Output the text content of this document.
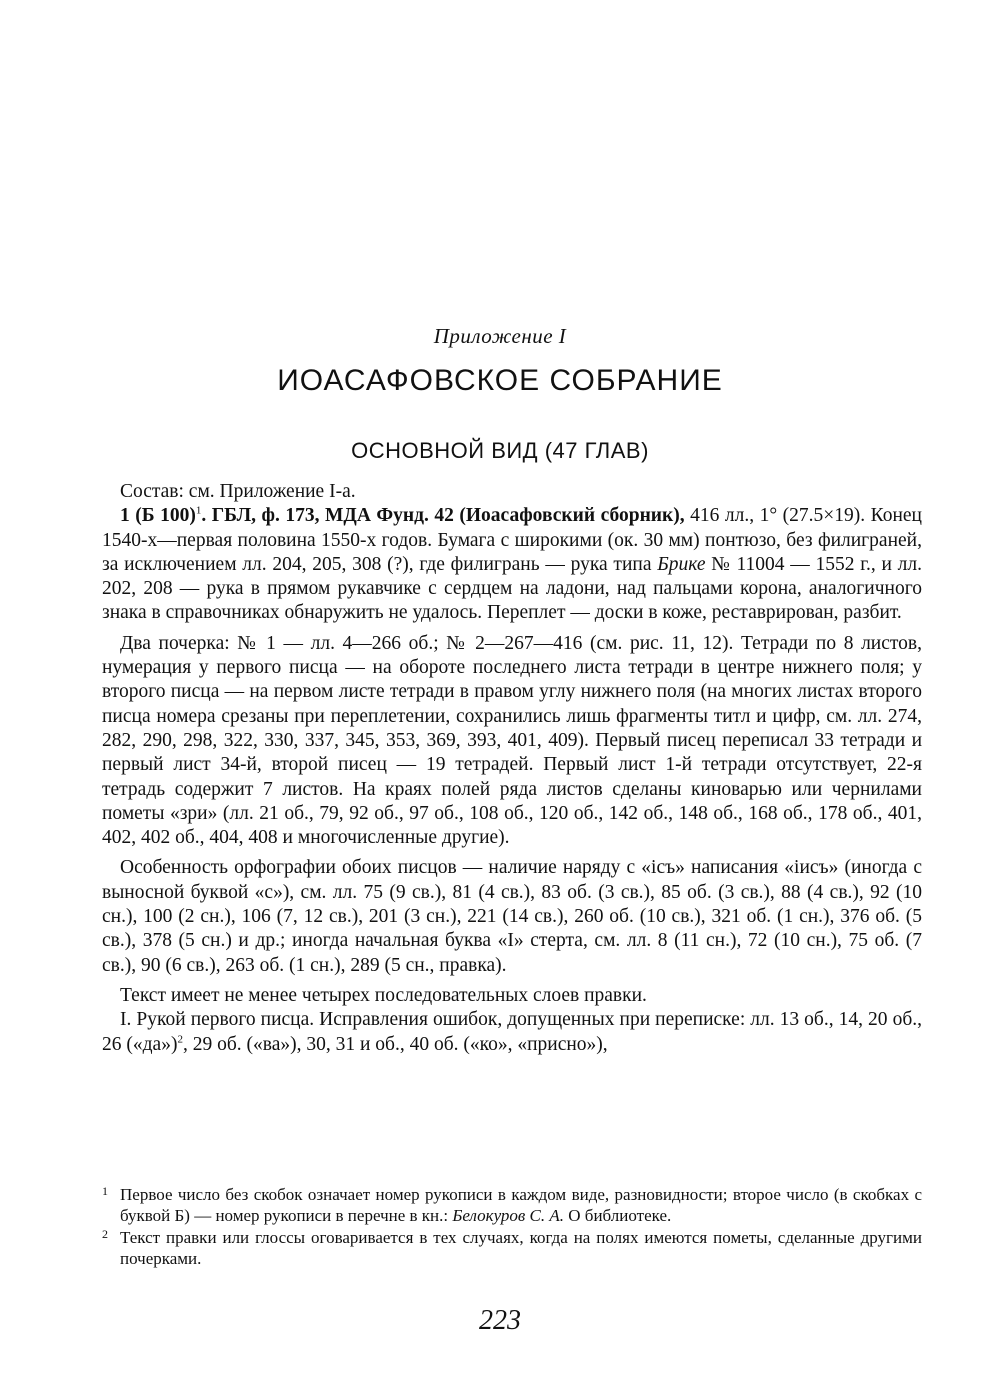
Приложение I
ИОАСАФОВСКОЕ СОБРАНИЕ
ОСНОВНОЙ ВИД (47 ГЛАВ)

Состав: см. Приложение I-а.

1 (Б 100)$^1$. ГБЛ, ф. 173, МДА Фунд. 42 (Иоасафовский сборник), 416 лл., 1° (27.5×19). Конец 1540-х—первая половина 1550-х годов. Бумага с широкими (ок. 30 мм) понтюзо, без филиграней, за исключением лл. 204, 205, 308 (?), где филигрань — рука типа Брике № 11004 — 1552 г., и лл. 202, 208 — рука в прямом рукавчике с сердцем на ладони, над пальцами корона, аналогичного знака в справочниках обнаружить не удалось. Переплет — доски в коже, реставрирован, разбит.

Два почерка: № 1 — лл. 4—266 об.; № 2—267—416 (см. рис. 11, 12). Тетради по 8 листов, нумерация у первого писца — на обороте последнего листа тетради в центре нижнего поля; у второго писца — на первом листе тетради в правом углу нижнего поля (на многих листах второго писца номера срезаны при переплетении, сохранились лишь фрагменты титл и цифр, см. лл. 274, 282, 290, 298, 322, 330, 337, 345, 353, 369, 393, 401, 409). Первый писец переписал 33 тетради и первый лист 34-й, второй писец — 19 тетрадей. Первый лист 1-й тетради отсутствует, 22-я тетрадь содержит 7 листов. На краях полей ряда листов сделаны киноварью или чернилами пометы «зри» (лл. 21 об., 79, 92 об., 97 об., 108 об., 120 об., 142 об., 148 об., 168 об., 178 об., 401, 402, 402 об., 404, 408 и многочисленные другие).

Особенность орфографии обоих писцов — наличие наряду с «iсъ» написания «iисъ» (иногда с выносной буквой «с»), см. лл. 75 (9 св.), 81 (4 св.), 83 об. (3 св.), 85 об. (3 св.), 88 (4 св.), 92 (10 сн.), 100 (2 сн.), 106 (7, 12 св.), 201 (3 сн.), 221 (14 св.), 260 об. (10 св.), 321 об. (1 сн.), 376 об. (5 св.), 378 (5 сн.) и др.; иногда начальная буква «I» стерта, см. лл. 8 (11 сн.), 72 (10 сн.), 75 об. (7 св.), 90 (6 св.), 263 об. (1 сн.), 289 (5 сн., правка).

Текст имеет не менее четырех последовательных слоев правки.

I. Рукой первого писца. Исправления ошибок, допущенных при переписке: лл. 13 об., 14, 20 об., 26 («да»)$^2$, 29 об. («ва»), 30, 31 и об., 40 об. («ко», «присно»),

1 Первое число без скобок означает номер рукописи в каждом виде, разновидности; второе число (в скобках с буквой Б) — номер рукописи в перечне в кн.: Белокуров С. А. О библиотеке.

2 Текст правки или глоссы оговаривается в тех случаях, когда на полях имеются пометы, сделанные другими почерками.

223
